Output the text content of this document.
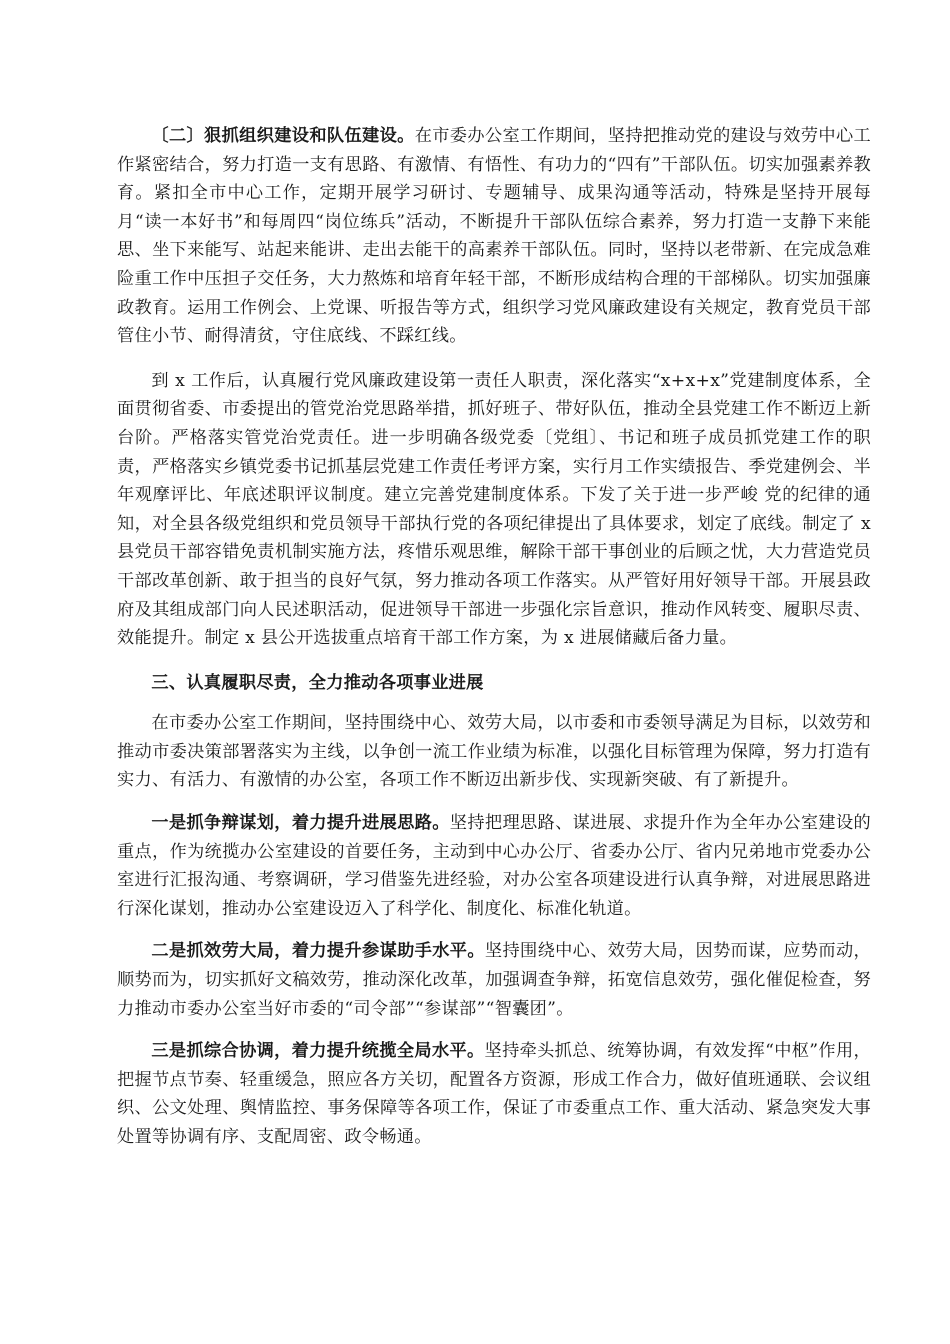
〔二〕狠抓组织建设和队伍建设。在市委办公室工作期间，坚持把推动党的建设与效劳中心工作紧密结合，努力打造一支有思路、有激情、有悟性、有功力的“四有”干部队伍。切实加强素养教育。紧扣全市中心工作，定期开展学习研讨、专题辅导、成果沟通等活动，特殊是坚持开展每月“读一本好书”和每周四“岗位练兵”活动，不断提升干部队伍综合素养，努力打造一支静下来能思、坐下来能写、站起来能讲、走出去能干的高素养干部队伍。同时，坚持以老带新、在完成急难险重工作中压担子交任务，大力熬炼和培育年轻干部，不断形成结构合理的干部梯队。切实加强廉政教育。运用工作例会、上党课、听报告等方式，组织学习党风廉政建设有关规定，教育党员干部管住小节、耐得清贫，守住底线、不踩红线。

到 x 工作后，认真履行党风廉政建设第一责任人职责，深化落实“x+x+x”党建制度体系，全面贯彻省委、市委提出的管党治党思路举措，抓好班子、带好队伍，推动全县党建工作不断迈上新台阶。严格落实管党治党责任。进一步明确各级党委〔党组〕、书记和班子成员抓党建工作的职责，严格落实乡镇党委书记抓基层党建工作责任考评方案，实行月工作实绩报告、季党建例会、半年观摩评比、年底述职评议制度。建立完善党建制度体系。下发了关于进一步严峻 党的纪律的通知，对全县各级党组织和党员领导干部执行党的各项纪律提出了具体要求，划定了底线。制定了 x 县党员干部容错免责机制实施方法，疼惜乐观思维，解除干部干事创业的后顾之忧，大力营造党员干部改革创新、敢于担当的良好气氛，努力推动各项工作落实。从严管好用好领导干部。开展县政府及其组成部门向人民述职活动，促进领导干部进一步强化宗旨意识，推动作风转变、履职尽责、效能提升。制定 x 县公开选拔重点培育干部工作方案，为 x 进展储藏后备力量。

三、认真履职尽责，全力推动各项事业进展

在市委办公室工作期间，坚持围绕中心、效劳大局，以市委和市委领导满足为目标，以效劳和推动市委决策部署落实为主线，以争创一流工作业绩为标准，以强化目标管理为保障，努力打造有实力、有活力、有激情的办公室，各项工作不断迈出新步伐、实现新突破、有了新提升。

一是抓争辩谋划，着力提升进展思路。坚持把理思路、谋进展、求提升作为全年办公室建设的重点，作为统揽办公室建设的首要任务，主动到中心办公厅、省委办公厅、省内兄弟地市党委办公室进行汇报沟通、考察调研，学习借鉴先进经验，对办公室各项建设进行认真争辩，对进展思路进行深化谋划，推动办公室建设迈入了科学化、制度化、标准化轨道。

二是抓效劳大局，着力提升参谋助手水平。坚持围绕中心、效劳大局，因势而谋，应势而动，顺势而为，切实抓好文稿效劳，推动深化改革，加强调查争辩，拓宽信息效劳，强化催促检查，努力推动市委办公室当好市委的“司令部”“参谋部”“智囊团”。

三是抓综合协调，着力提升统揽全局水平。坚持牵头抓总、统筹协调，有效发挥“中枢”作用，把握节点节奏、轻重缓急，照应各方关切，配置各方资源，形成工作合力，做好值班通联、会议组织、公文处理、舆情监控、事务保障等各项工作，保证了市委重点工作、重大活动、紧急突发大事处置等协调有序、支配周密、政令畅通。
